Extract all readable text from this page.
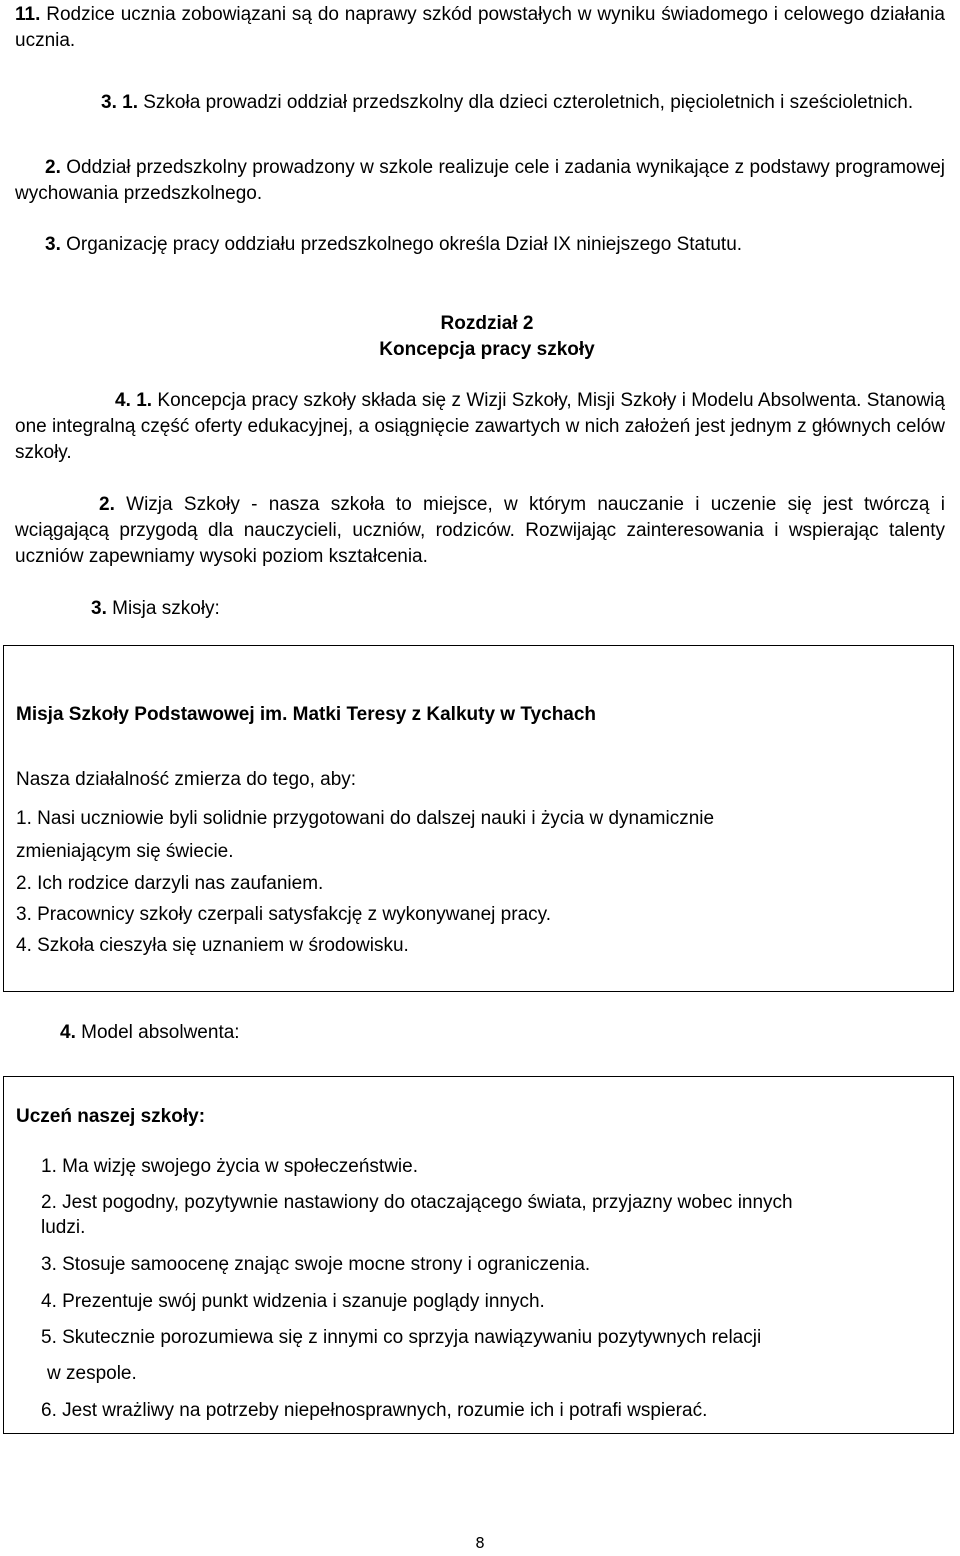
11. Rodzice ucznia zobowiązani są do naprawy szkód powstałych w wyniku świadomego i celowego działania ucznia.

3. 1. Szkoła prowadzi oddział przedszkolny dla dzieci czteroletnich, pięcioletnich i sześcioletnich.

2. Oddział przedszkolny prowadzony w szkole realizuje cele i zadania wynikające z podstawy programowej wychowania przedszkolnego.

3. Organizację pracy oddziału przedszkolnego określa Dział IX niniejszego Statutu.

Rozdział 2
Koncepcja pracy szkoły

4. 1. Koncepcja pracy szkoły składa się z Wizji Szkoły, Misji Szkoły i Modelu Absolwenta. Stanowią one integralną część oferty edukacyjnej, a osiągnięcie zawartych w nich założeń jest jednym z głównych celów szkoły.

2. Wizja Szkoły - nasza szkoła to miejsce, w którym nauczanie i uczenie się jest twórczą i wciągającą przygodą dla nauczycieli, uczniów, rodziców. Rozwijając zainteresowania i wspierając talenty uczniów zapewniamy wysoki poziom kształcenia.

3. Misja szkoły:

Misja Szkoły Podstawowej im. Matki Teresy z Kalkuty w Tychach

Nasza działalność zmierza do tego, aby:

1. Nasi uczniowie byli solidnie przygotowani do dalszej nauki i życia w dynamicznie

zmieniającym się świecie.

2. Ich rodzice darzyli nas zaufaniem.

3. Pracownicy szkoły czerpali satysfakcję z wykonywanej pracy.

4. Szkoła cieszyła się uznaniem w środowisku.

4. Model absolwenta:

Uczeń naszej szkoły:

1. Ma wizję swojego życia w społeczeństwie.

2. Jest pogodny, pozytywnie nastawiony do otaczającego świata, przyjazny wobec innych

ludzi.

3. Stosuje samoocenę znając swoje mocne strony i ograniczenia.

4. Prezentuje swój punkt widzenia i szanuje poglądy innych.

5. Skutecznie porozumiewa się z innymi co sprzyja nawiązywaniu pozytywnych relacji

w zespole.

6. Jest wrażliwy na potrzeby niepełnosprawnych, rozumie ich i potrafi wspierać.

8
